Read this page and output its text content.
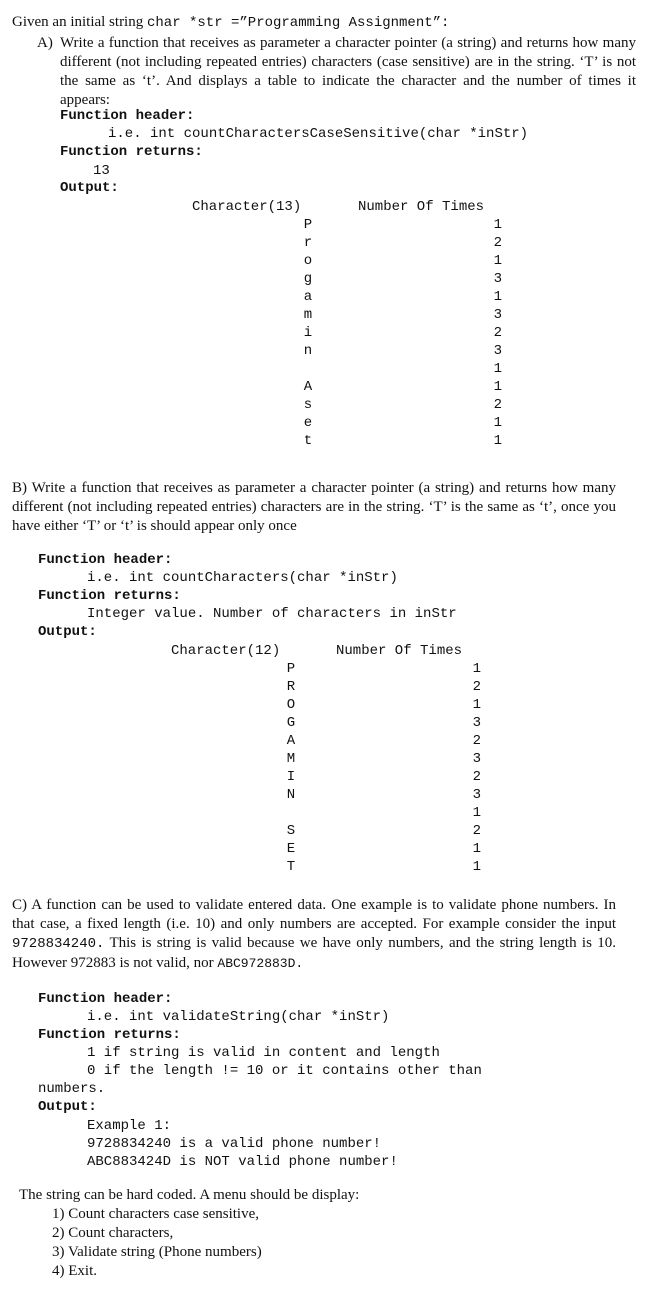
Given an initial string char *str =”Programming Assignment”:
A) Write a function that receives as parameter a character pointer (a string) and returns how many different (not including repeated entries) characters (case sensitive) are in the string. ‘T’ is not the same as ‘t’. And displays a table to indicate the character and the number of times it appears:
Function header:
i.e. int countCharactersCaseSensitive(char *inStr)
Function returns:
13
Output:
Character(13)	Number Of Times
P
r
o
g
a
m
i
n

A
s
e
t
1
2
1
3
1
3
2
3
1
1
2
1
1
B) Write a function that receives as parameter a character pointer (a string) and returns how many different (not including repeated entries) characters are in the string. ‘T’ is the same as ‘t’, once you have either ‘T’ or ‘t’ is should appear only once
Function header:
i.e. int countCharacters(char *inStr)
Function returns:
Integer value. Number of characters in inStr
Output:
Character(12)	Number Of Times
P
R
O
G
A
M
I
N

S
E
T
1
2
1
3
2
3
2
3
1
2
1
1
C) A function can be used to validate entered data. One example is to validate phone numbers. In that case, a fixed length (i.e. 10) and only numbers are accepted. For example consider the input 9728834240. This is string is valid because we have only numbers, and the string length is 10. However 972883 is not valid, nor ABC972883D.
Function header:
i.e. int validateString(char *inStr)
Function returns:
1 if string is valid in content and length
0 if the length != 10 or it contains other than
numbers.
Output:
Example 1:
9728834240 is a valid phone number!
ABC883424D is NOT valid phone number!
The string can be hard coded. A menu should be display:
1) Count characters case sensitive,
2) Count characters,
3) Validate string (Phone numbers)
4) Exit.
